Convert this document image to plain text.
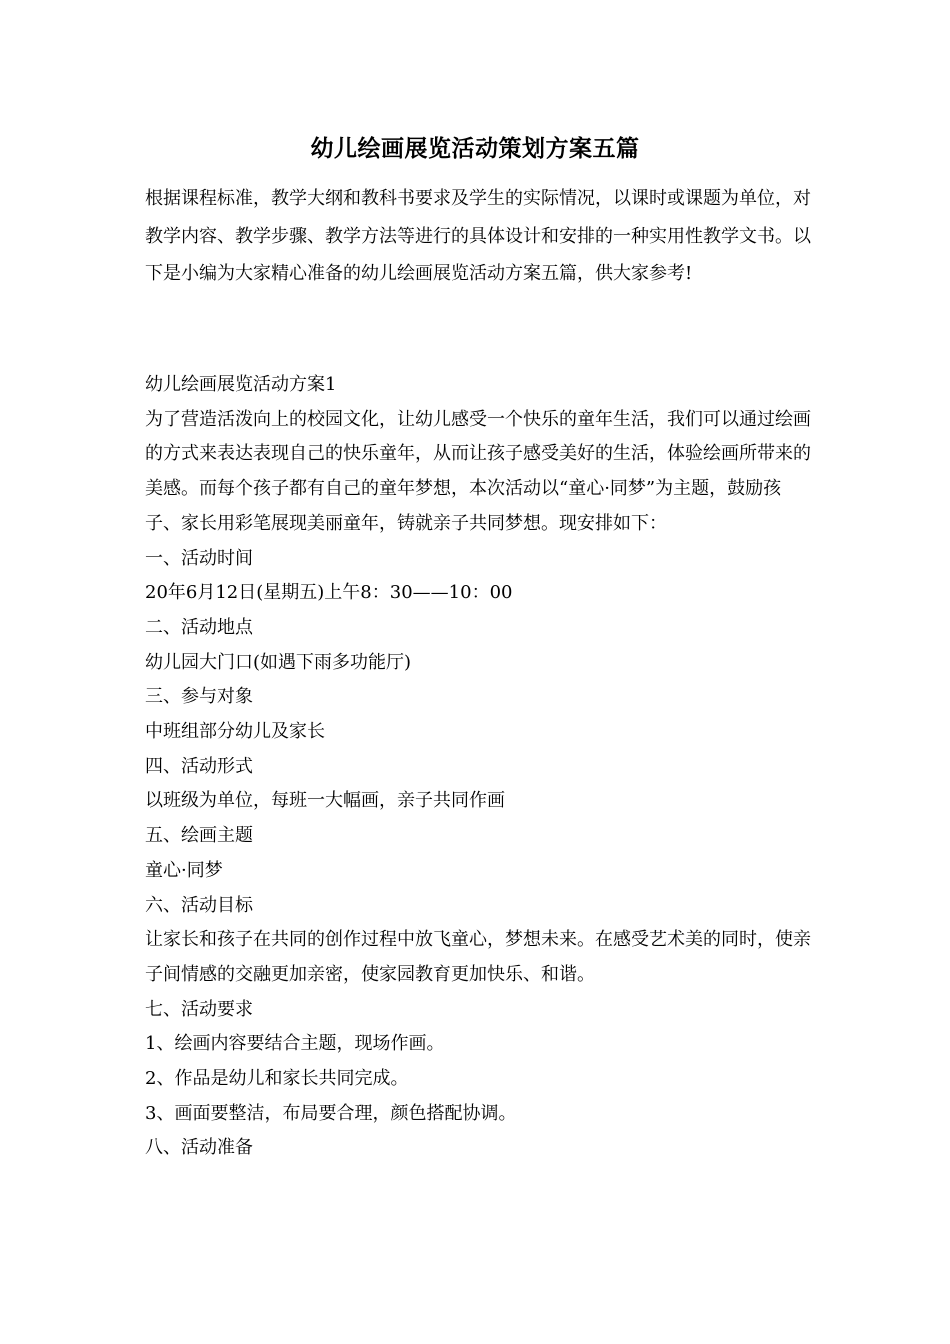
幼儿绘画展览活动策划方案五篇

根据课程标准，教学大纲和教科书要求及学生的实际情况，以课时或课题为单位，对教学内容、教学步骤、教学方法等进行的具体设计和安排的一种实用性教学文书。以下是小编为大家精心准备的幼儿绘画展览活动方案五篇，供大家参考!

幼儿绘画展览活动方案1

为了营造活泼向上的校园文化，让幼儿感受一个快乐的童年生活，我们可以通过绘画的方式来表达表现自己的快乐童年，从而让孩子感受美好的生活，体验绘画所带来的美感。而每个孩子都有自己的童年梦想，本次活动以“童心·同梦”为主题，鼓励孩子、家长用彩笔展现美丽童年，铸就亲子共同梦想。现安排如下：

一、活动时间

20年6月12日(星期五)上午8：30——10：00

二、活动地点

幼儿园大门口(如遇下雨多功能厅)

三、参与对象

中班组部分幼儿及家长

四、活动形式

以班级为单位，每班一大幅画，亲子共同作画

五、绘画主题

童心·同梦

六、活动目标

让家长和孩子在共同的创作过程中放飞童心，梦想未来。在感受艺术美的同时，使亲子间情感的交融更加亲密，使家园教育更加快乐、和谐。

七、活动要求

1、绘画内容要结合主题，现场作画。

2、作品是幼儿和家长共同完成。

3、画面要整洁，布局要合理，颜色搭配协调。

八、活动准备
